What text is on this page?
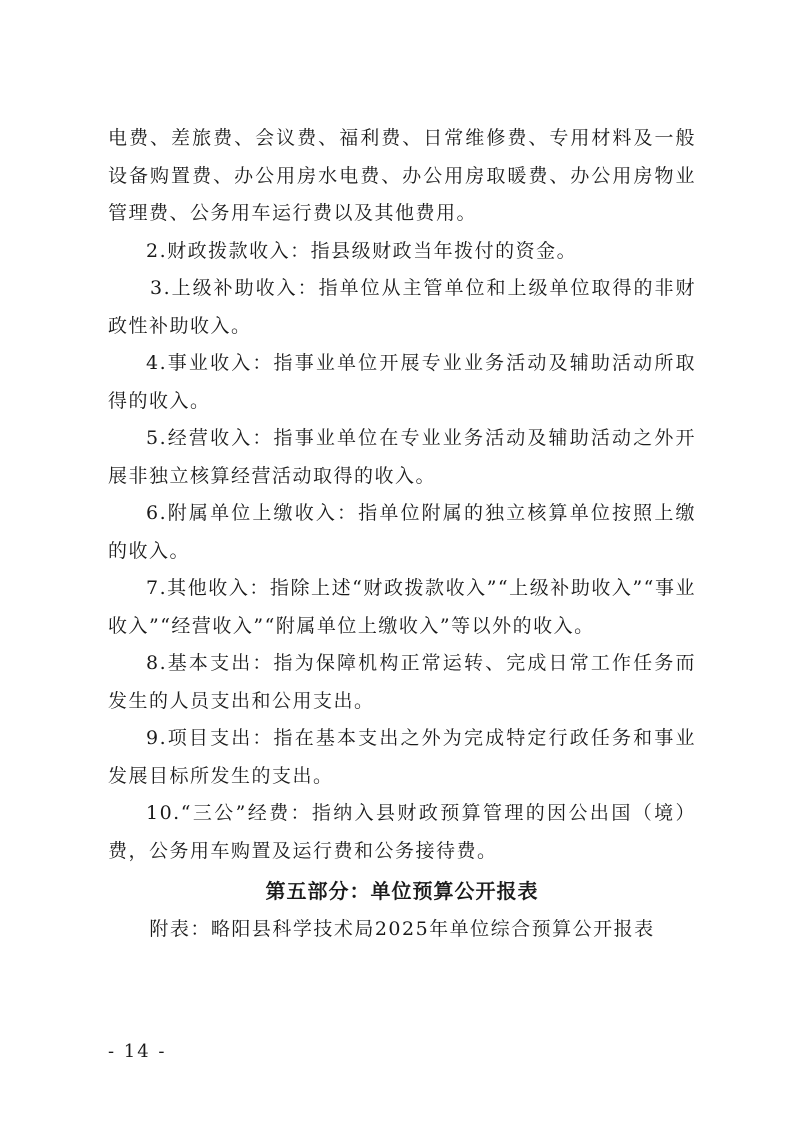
电费、差旅费、会议费、福利费、日常维修费、专用材料及一般设备购置费、办公用房水电费、办公用房取暖费、办公用房物业管理费、公务用车运行费以及其他费用。

2.财政拨款收入：指县级财政当年拨付的资金。

3.上级补助收入：指单位从主管单位和上级单位取得的非财政性补助收入。

4.事业收入：指事业单位开展专业业务活动及辅助活动所取得的收入。

5.经营收入：指事业单位在专业业务活动及辅助活动之外开展非独立核算经营活动取得的收入。

6.附属单位上缴收入：指单位附属的独立核算单位按照上缴的收入。

7.其他收入：指除上述“财政拨款收入”“上级补助收入”“事业收入”“经营收入”“附属单位上缴收入”等以外的收入。

8.基本支出：指为保障机构正常运转、完成日常工作任务而发生的人员支出和公用支出。

9.项目支出：指在基本支出之外为完成特定行政任务和事业发展目标所发生的支出。

10.“三公”经费：指纳入县财政预算管理的因公出国（境）费，公务用车购置及运行费和公务接待费。

第五部分：单位预算公开报表

附表：略阳县科学技术局2025年单位综合预算公开报表

- 14 -
